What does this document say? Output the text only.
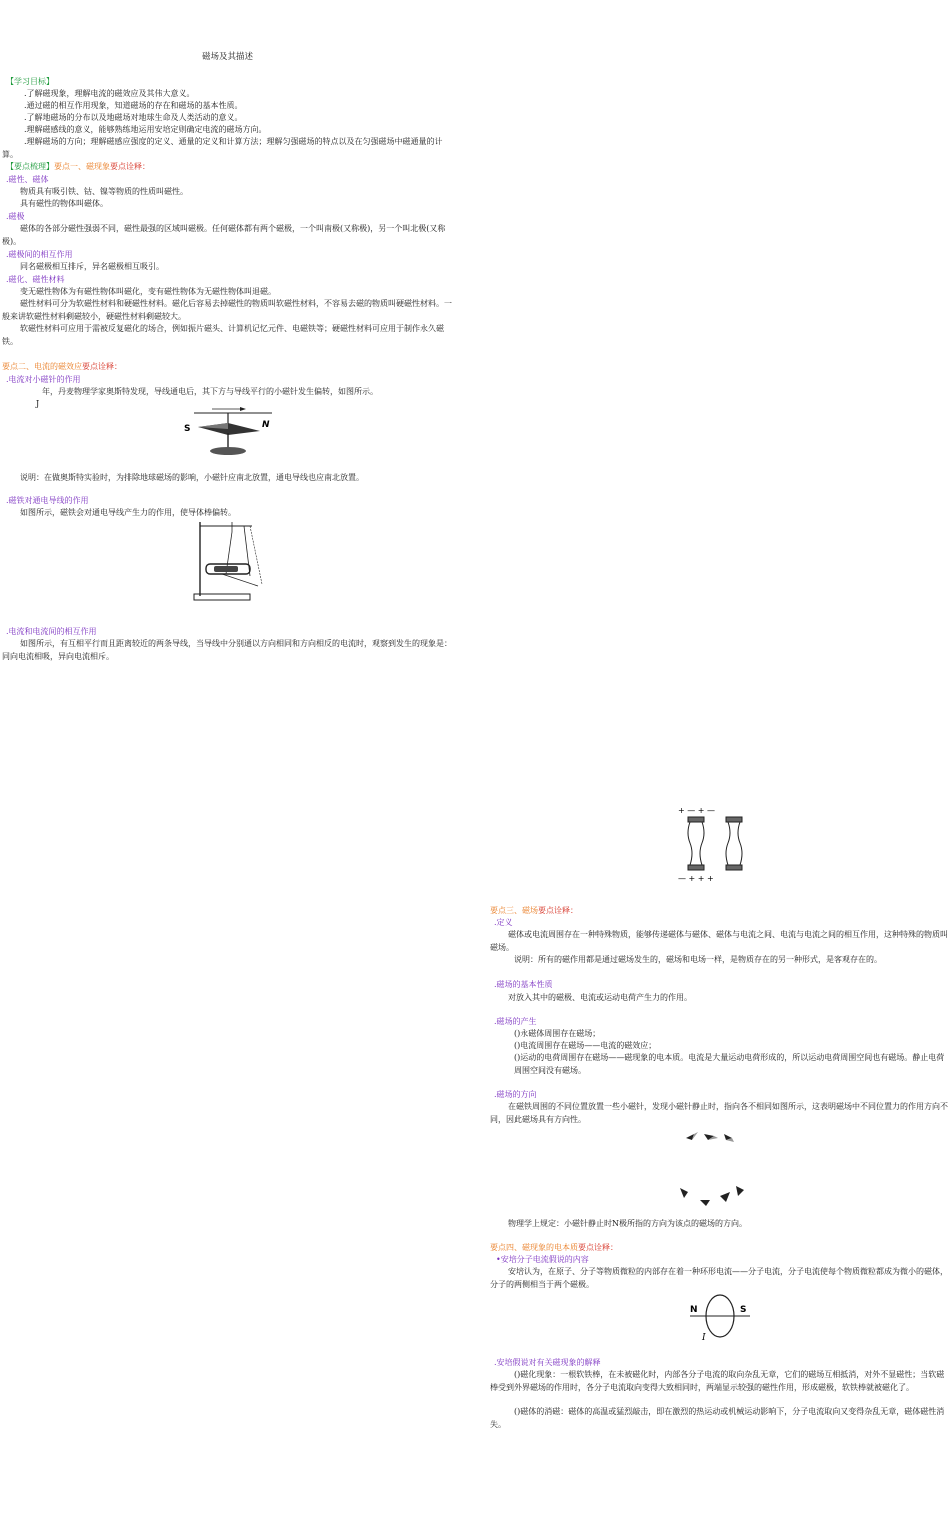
磁场及其描述
【学习目标】
.了解磁现象，理解电流的磁效应及其伟大意义。
.通过磁的相互作用现象，知道磁场的存在和磁场的基本性质。
.了解地磁场的分布以及地磁场对地球生命及人类活动的意义。
.理解磁感线的意义，能够熟练地运用安培定则确定电流的磁场方向。
.理解磁场的方向；理解磁感应强度的定义、通量的定义和计算方法；理解匀强磁场的特点以及在匀强磁场中磁通量的计算。
【要点梳理】要点一、磁现象要点诠释：
.磁性、磁体
物质具有吸引铁、钴、镍等物质的性质叫磁性。
具有磁性的物体叫磁体。
.磁极
磁体的各部分磁性强弱不同，磁性最强的区域叫磁极。任何磁体都有两个磁极，一个叫南极(又称极)，另一个叫北极(又称极)。
.磁极间的相互作用
同名磁极相互排斥，异名磁极相互吸引。
.磁化、磁性材料
变无磁性物体为有磁性物体叫磁化，变有磁性物体为无磁性物体叫退磁。
磁性材料可分为软磁性材料和硬磁性材料。磁化后容易去掉磁性的物质叫软磁性材料，不容易去磁的物质叫硬磁性材料。一般来讲软磁性材料剩磁较小，硬磁性材料剩磁较大。
软磁性材料可应用于需被反复磁化的场合，例如振片磁头、计算机记忆元件、电磁铁等；硬磁性材料可应用于制作永久磁铁。
要点二、电流的磁效应要点诠释：
.电流对小磁针的作用
年，丹麦物理学家奥斯特发现，导线通电后，其下方与导线平行的小磁针发生偏转，如图所示。
J
S	N
说明：在做奥斯特实验时，为排除地球磁场的影响，小磁针应南北放置，通电导线也应南北放置。
.磁铁对通电导线的作用
如图所示，磁铁会对通电导线产生力的作用，使导体棒偏转。
.电流和电流间的相互作用
如图所示，有互相平行而且距离较近的两条导线，当导线中分别通以方向相同和方向相反的电流时，观察到发生的现象是：同向电流相吸，异向电流相斥。
+ — + —
— + + +
要点三、磁场要点诠释：
.定义
磁体或电流周围存在一种特殊物质，能够传递磁体与磁体、磁体与电流之间、电流与电流之间的相互作用，这种特殊的物质叫磁场。
说明：所有的磁作用都是通过磁场发生的，磁场和电场一样，是物质存在的另一种形式，是客观存在的。
.磁场的基本性质
对放入其中的磁极、电流或运动电荷产生力的作用。
.磁场的产生
()永磁体周围存在磁场；
()电流周围存在磁场——电流的磁效应；
()运动的电荷周围存在磁场——磁现象的电本质。电流是大量运动电荷形成的，所以运动电荷周围空间也有磁场。静止电荷周围空间没有磁场。
.磁场的方向
在磁铁周围的不同位置放置一些小磁针，发现小磁针静止时，指向各不相同如图所示，这表明磁场中不同位置力的作用方向不同，因此磁场具有方向性。
物理学上规定：小磁针静止时N极所指的方向为该点的磁场的方向。
要点四、磁现象的电本质要点诠释：
•安培分子电流假说的内容
安培认为，在原子、分子等物质微粒的内部存在着一种环形电流——分子电流，分子电流使每个物质微粒都成为微小的磁体，分子的两侧相当于两个磁极。
N	S
I
.安培假说对有关磁现象的解释
()磁化现象：一根软铁棒，在未被磁化时，内部各分子电流的取向杂乱无章，它们的磁场互相抵消，对外不显磁性；当软磁棒受到外界磁场的作用时，各分子电流取向变得大致相同时，两端显示较强的磁性作用，形成磁极，软铁棒就被磁化了。
()磁体的消磁：磁体的高温或猛烈敲击，即在激烈的热运动或机械运动影响下，分子电流取向又变得杂乱无章，磁体磁性消失。
